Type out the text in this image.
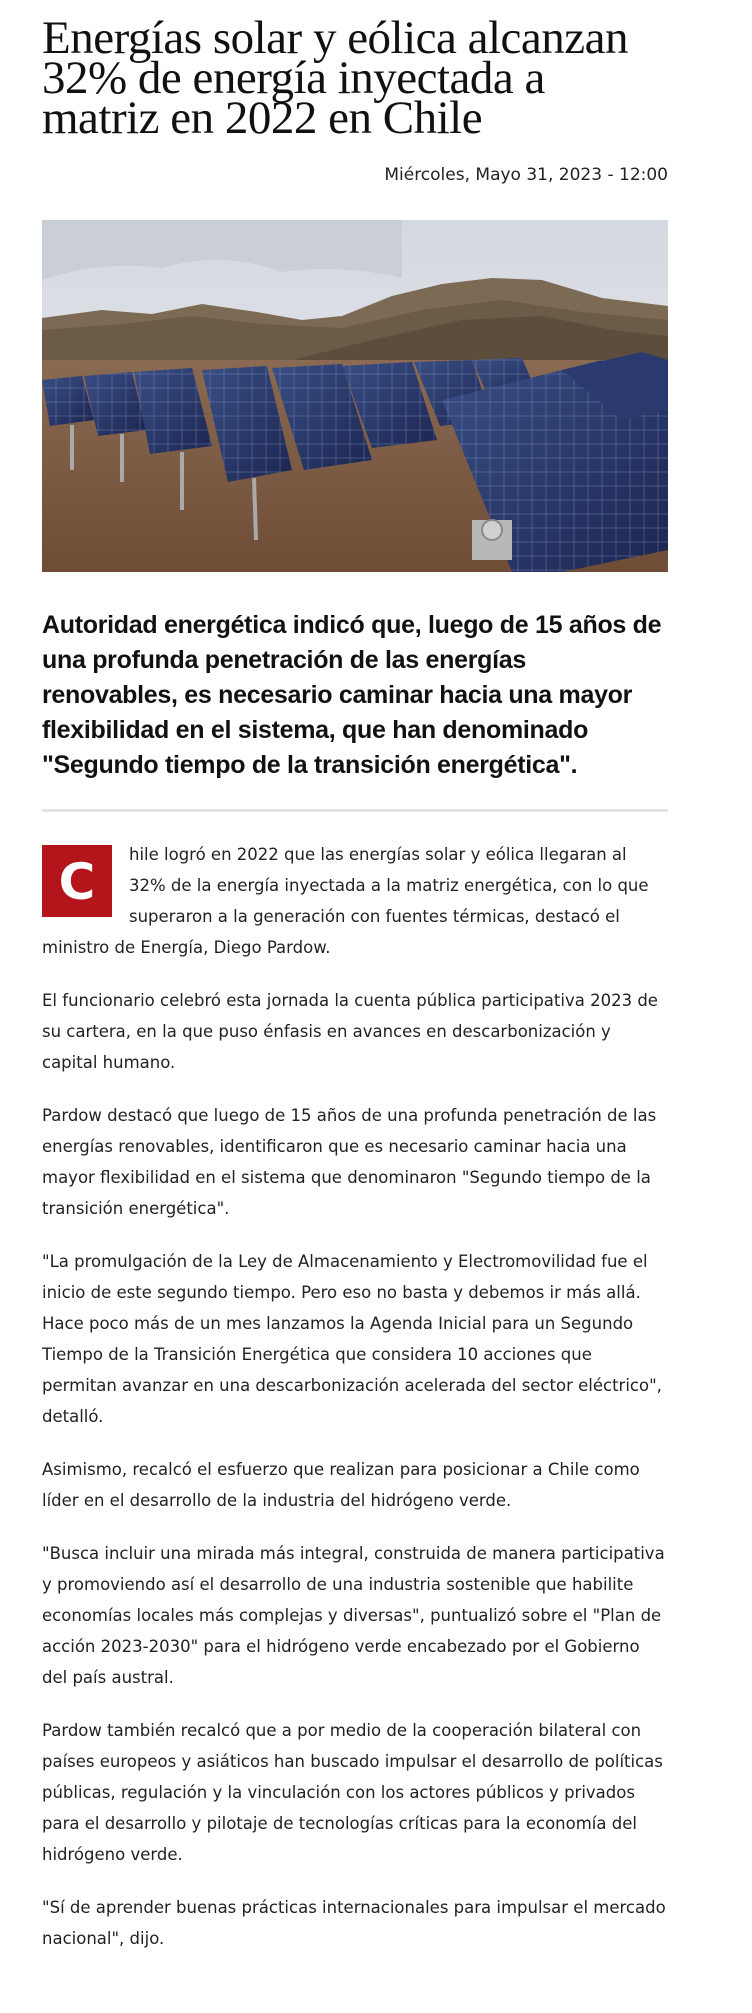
Energías solar y eólica alcanzan 32% de energía inyectada a matriz en 2022 en Chile
Miércoles, Mayo 31, 2023 - 12:00
Autoridad energética indicó que, luego de 15 años de una profunda penetración de las energías renovables, es necesario caminar hacia una mayor flexibilidad en el sistema, que han denominado "Segundo tiempo de la transición energética".

C	hile logró en 2022 que las energías solar y eólica llegaran al 32% de la energía inyectada a la matriz energética, con lo que superaron a la generación con fuentes térmicas, destacó el ministro de Energía, Diego Pardow.

El funcionario celebró esta jornada la cuenta pública participativa 2023 de su cartera, en la que puso énfasis en avances en descarbonización y capital humano.

Pardow destacó que luego de 15 años de una profunda penetración de las energías renovables, identificaron que es necesario caminar hacia una mayor flexibilidad en el sistema que denominaron "Segundo tiempo de la transición energética".

"La promulgación de la Ley de Almacenamiento y Electromovilidad fue el inicio de este segundo tiempo. Pero eso no basta y debemos ir más allá. Hace poco más de un mes lanzamos la Agenda Inicial para un Segundo Tiempo de la Transición Energética que considera 10 acciones que permitan avanzar en una descarbonización acelerada del sector eléctrico", detalló.

Asimismo, recalcó el esfuerzo que realizan para posicionar a Chile como líder en el desarrollo de la industria del hidrógeno verde.

"Busca incluir una mirada más integral, construida de manera participativa y promoviendo así el desarrollo de una industria sostenible que habilite economías locales más complejas y diversas", puntualizó sobre el "Plan de acción 2023-2030" para el hidrógeno verde encabezado por el Gobierno del país austral.

Pardow también recalcó que a por medio de la cooperación bilateral con países europeos y asiáticos han buscado impulsar el desarrollo de políticas públicas, regulación y la vinculación con los actores públicos y privados para el desarrollo y pilotaje de tecnologías críticas para la economía del hidrógeno verde.

"Sí de aprender buenas prácticas internacionales para impulsar el mercado nacional", dijo.
